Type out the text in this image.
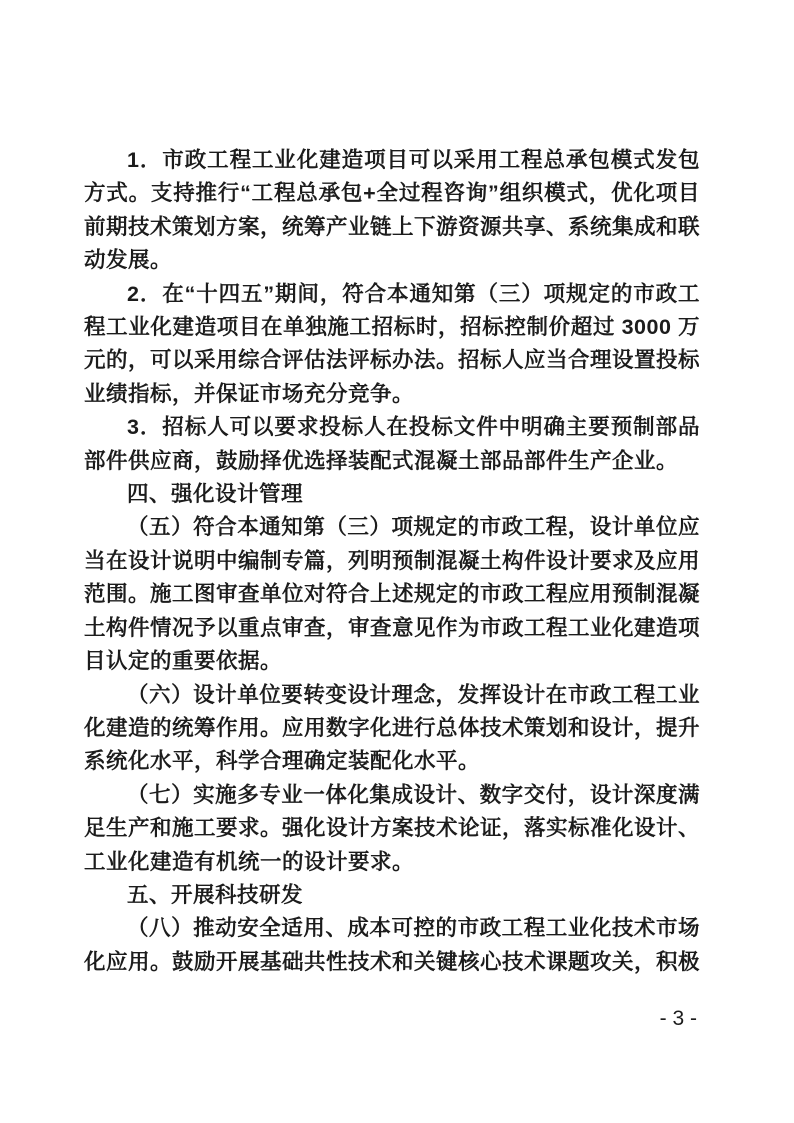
1．市政工程工业化建造项目可以采用工程总承包模式发包方式。支持推行“工程总承包+全过程咨询”组织模式，优化项目前期技术策划方案，统筹产业链上下游资源共享、系统集成和联动发展。

2．在“十四五”期间，符合本通知第（三）项规定的市政工程工业化建造项目在单独施工招标时，招标控制价超过 3000 万元的，可以采用综合评估法评标办法。招标人应当合理设置投标业绩指标，并保证市场充分竞争。

3．招标人可以要求投标人在投标文件中明确主要预制部品部件供应商，鼓励择优选择装配式混凝土部品部件生产企业。

四、强化设计管理

（五）符合本通知第（三）项规定的市政工程，设计单位应当在设计说明中编制专篇，列明预制混凝土构件设计要求及应用范围。施工图审查单位对符合上述规定的市政工程应用预制混凝土构件情况予以重点审查，审查意见作为市政工程工业化建造项目认定的重要依据。

（六）设计单位要转变设计理念，发挥设计在市政工程工业化建造的统筹作用。应用数字化进行总体技术策划和设计，提升系统化水平，科学合理确定装配化水平。

（七）实施多专业一体化集成设计、数字交付，设计深度满足生产和施工要求。强化设计方案技术论证，落实标准化设计、工业化建造有机统一的设计要求。

五、开展科技研发

（八）推动安全适用、成本可控的市政工程工业化技术市场化应用。鼓励开展基础共性技术和关键核心技术课题攻关，积极

- 3 -
